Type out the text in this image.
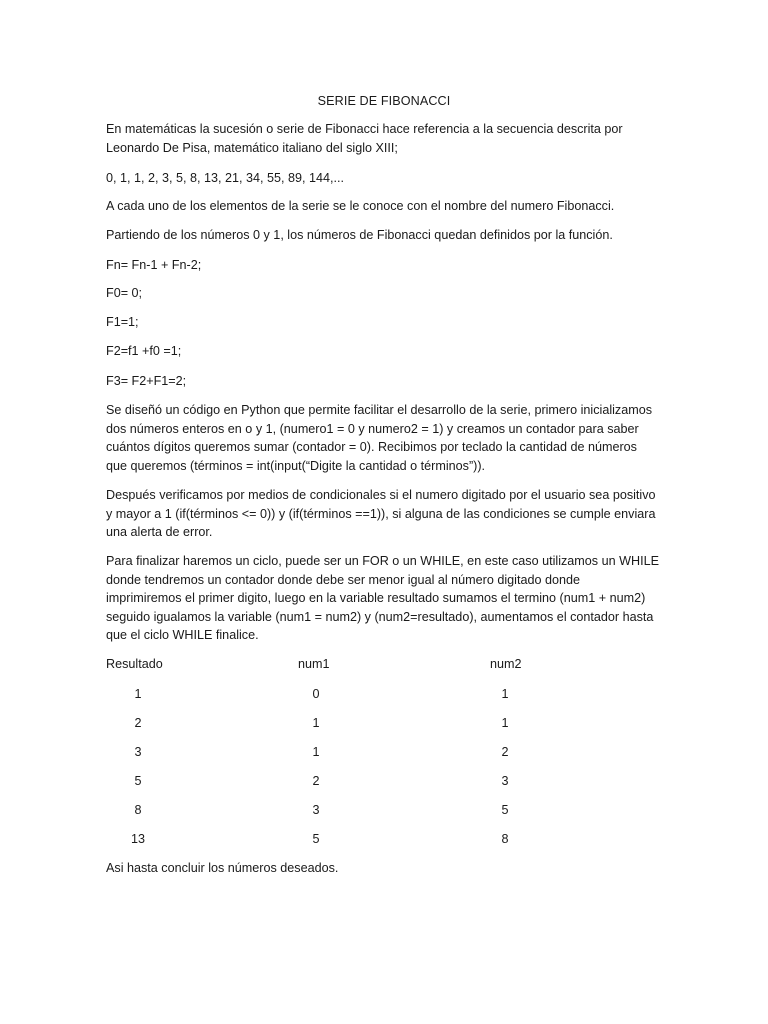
SERIE DE FIBONACCI
En matemáticas la sucesión o serie de Fibonacci hace referencia a la secuencia descrita por
Leonardo De Pisa, matemático italiano del siglo XIII;
0, 1, 1, 2, 3, 5, 8, 13, 21, 34, 55, 89, 144,...
A cada uno de los elementos de la serie se le conoce con el nombre del numero Fibonacci.
Partiendo de los números 0 y 1, los números de Fibonacci quedan definidos por la función.
Fn= Fn-1 + Fn-2;
F0= 0;
F1=1;
F2=f1 +f0 =1;
F3= F2+F1=2;
Se diseñó un código en Python que permite facilitar el desarrollo de la serie, primero inicializamos
dos números enteros en o y 1, (numero1 = 0 y numero2 = 1) y creamos un contador para saber
cuántos dígitos queremos sumar (contador = 0). Recibimos por teclado la cantidad de números
que queremos (términos = int(input(“Digite la cantidad o términos”)).
Después verificamos por medios de condicionales si el numero digitado por el usuario sea positivo
y mayor a 1 (if(términos <= 0)) y (if(términos ==1)), si alguna de las condiciones se cumple enviara
una alerta de error.
Para finalizar haremos un ciclo, puede ser un FOR o un WHILE, en este caso utilizamos un WHILE
donde tendremos un contador donde debe ser menor igual al número digitado donde
imprimiremos el primer digito, luego en la variable resultado sumamos el termino (num1 + num2)
seguido igualamos la variable (num1 = num2) y (num2=resultado), aumentamos el contador hasta
que el ciclo WHILE finalice.
Resultado	num1	num2
1	0	1
2	1	1
3	1	2
5	2	3
8	3	5
13	5	8
Asi hasta concluir los números deseados.
